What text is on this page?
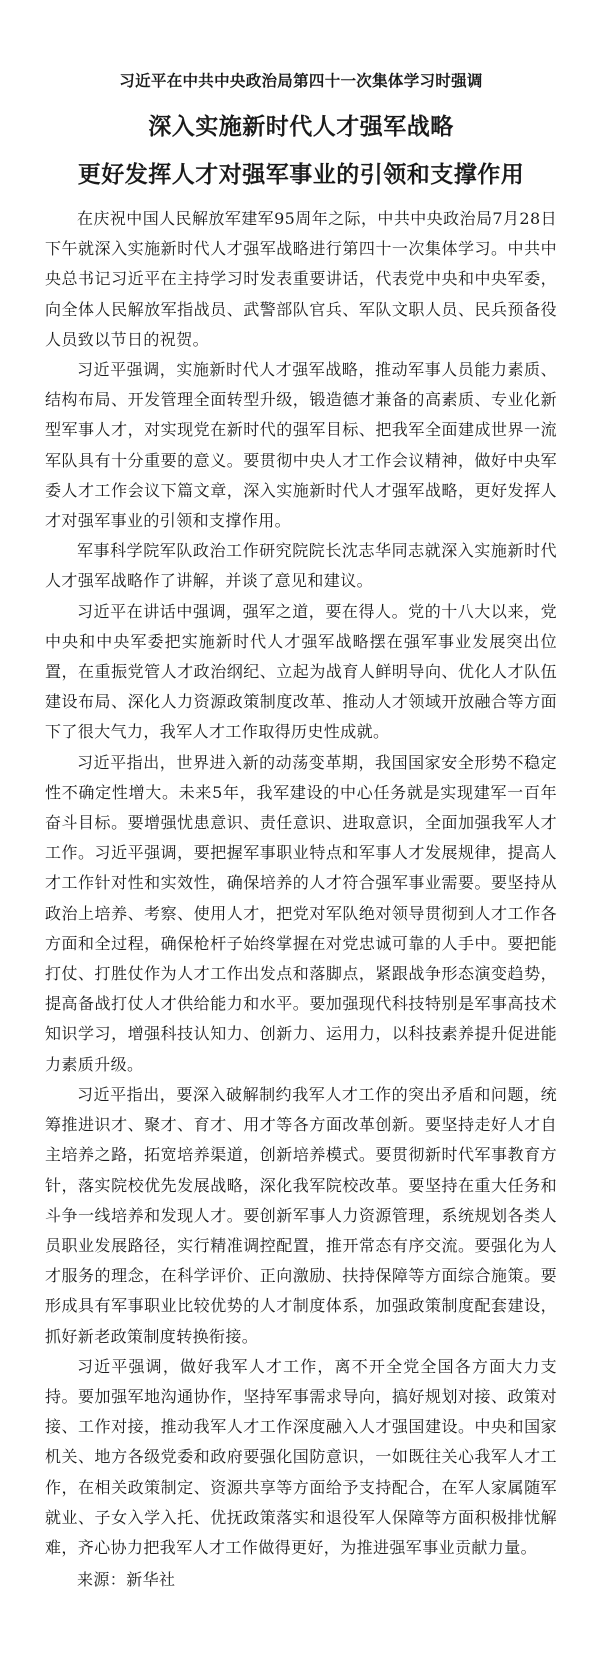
习近平在中共中央政治局第四十一次集体学习时强调
深入实施新时代人才强军战略
更好发挥人才对强军事业的引领和支撑作用

在庆祝中国人民解放军建军95周年之际，中共中央政治局7月28日下午就深入实施新时代人才强军战略进行第四十一次集体学习。中共中央总书记习近平在主持学习时发表重要讲话，代表党中央和中央军委，向全体人民解放军指战员、武警部队官兵、军队文职人员、民兵预备役人员致以节日的祝贺。

习近平强调，实施新时代人才强军战略，推动军事人员能力素质、结构布局、开发管理全面转型升级，锻造德才兼备的高素质、专业化新型军事人才，对实现党在新时代的强军目标、把我军全面建成世界一流军队具有十分重要的意义。要贯彻中央人才工作会议精神，做好中央军委人才工作会议下篇文章，深入实施新时代人才强军战略，更好发挥人才对强军事业的引领和支撑作用。

军事科学院军队政治工作研究院院长沈志华同志就深入实施新时代人才强军战略作了讲解，并谈了意见和建议。

习近平在讲话中强调，强军之道，要在得人。党的十八大以来，党中央和中央军委把实施新时代人才强军战略摆在强军事业发展突出位置，在重振党管人才政治纲纪、立起为战育人鲜明导向、优化人才队伍建设布局、深化人力资源政策制度改革、推动人才领域开放融合等方面下了很大气力，我军人才工作取得历史性成就。

习近平指出，世界进入新的动荡变革期，我国国家安全形势不稳定性不确定性增大。未来5年，我军建设的中心任务就是实现建军一百年奋斗目标。要增强忧患意识、责任意识、进取意识，全面加强我军人才工作。习近平强调，要把握军事职业特点和军事人才发展规律，提高人才工作针对性和实效性，确保培养的人才符合强军事业需要。要坚持从政治上培养、考察、使用人才，把党对军队绝对领导贯彻到人才工作各方面和全过程，确保枪杆子始终掌握在对党忠诚可靠的人手中。要把能打仗、打胜仗作为人才工作出发点和落脚点，紧跟战争形态演变趋势，提高备战打仗人才供给能力和水平。要加强现代科技特别是军事高技术知识学习，增强科技认知力、创新力、运用力，以科技素养提升促进能力素质升级。

习近平指出，要深入破解制约我军人才工作的突出矛盾和问题，统筹推进识才、聚才、育才、用才等各方面改革创新。要坚持走好人才自主培养之路，拓宽培养渠道，创新培养模式。要贯彻新时代军事教育方针，落实院校优先发展战略，深化我军院校改革。要坚持在重大任务和斗争一线培养和发现人才。要创新军事人力资源管理，系统规划各类人员职业发展路径，实行精准调控配置，推开常态有序交流。要强化为人才服务的理念，在科学评价、正向激励、扶持保障等方面综合施策。要形成具有军事职业比较优势的人才制度体系，加强政策制度配套建设，抓好新老政策制度转换衔接。

习近平强调，做好我军人才工作，离不开全党全国各方面大力支持。要加强军地沟通协作，坚持军事需求导向，搞好规划对接、政策对接、工作对接，推动我军人才工作深度融入人才强国建设。中央和国家机关、地方各级党委和政府要强化国防意识，一如既往关心我军人才工作，在相关政策制定、资源共享等方面给予支持配合，在军人家属随军就业、子女入学入托、优抚政策落实和退役军人保障等方面积极排忧解难，齐心协力把我军人才工作做得更好，为推进强军事业贡献力量。

来源：新华社
